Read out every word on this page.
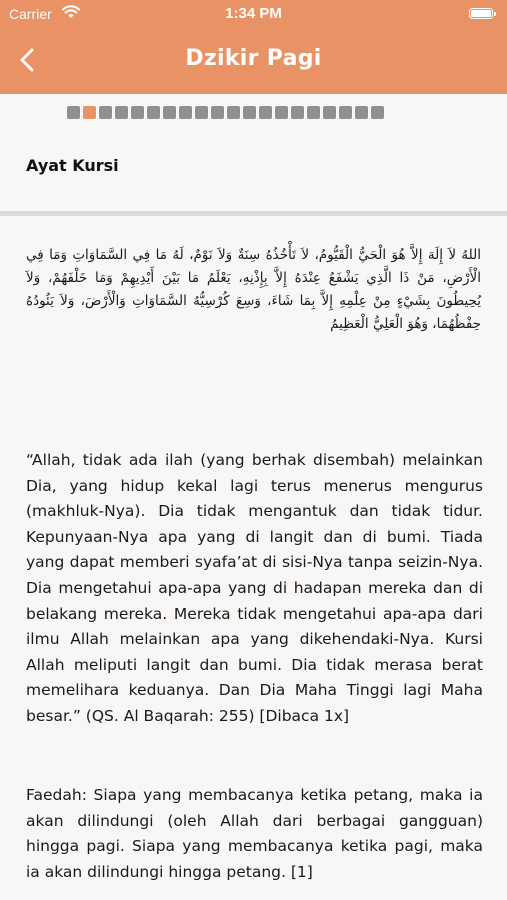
Carrier	1:34 PM
Dzikir Pagi
Ayat Kursi
اللهُ لاَ إِلَهَ إِلاَّ هُوَ الْحَيُّ الْقَيُّومُ، لاَ تَأْخُذُهُ سِنَةٌ وَلاَ نَوْمٌ، لَهُ مَا فِي السَّمَاوَاتِ وَمَا فِي الْأَرْضِ، مَنْ ذَا الَّذِي يَشْفَعُ عِنْدَهُ إِلاَّ بِإِذْنِهِ، يَعْلَمُ مَا بَيْنَ أَيْدِيهِمْ وَمَا خَلْفَهُمْ، وَلاَ يُحِيطُونَ بِشَيْءٍ مِنْ عِلْمِهِ إِلاَّ بِمَا شَاءَ، وَسِعَ كُرْسِيُّهُ السَّمَاوَاتِ وَالْأَرْضَ، وَلاَ يَئُودُهُ حِفْظُهُمَا، وَهُوَ الْعَلِيُّ الْعَظِيمُ
“Allah, tidak ada ilah (yang berhak disembah) melainkan Dia, yang hidup kekal lagi terus menerus mengurus (makhluk-Nya). Dia tidak mengantuk dan tidak tidur. Kepunyaan-Nya apa yang di langit dan di bumi. Tiada yang dapat memberi syafa’at di sisi-Nya tanpa seizin-Nya. Dia mengetahui apa-apa yang di hadapan mereka dan di belakang mereka. Mereka tidak mengetahui apa-apa dari ilmu Allah melainkan apa yang dikehendaki-Nya. Kursi Allah meliputi langit dan bumi. Dia tidak merasa berat memelihara keduanya. Dan Dia Maha Tinggi lagi Maha besar.” (QS. Al Baqarah: 255) [Dibaca 1x]
Faedah: Siapa yang membacanya ketika petang, maka ia akan dilindungi (oleh Allah dari berbagai gangguan) hingga pagi. Siapa yang membacanya ketika pagi, maka ia akan dilindungi hingga petang. [1]
